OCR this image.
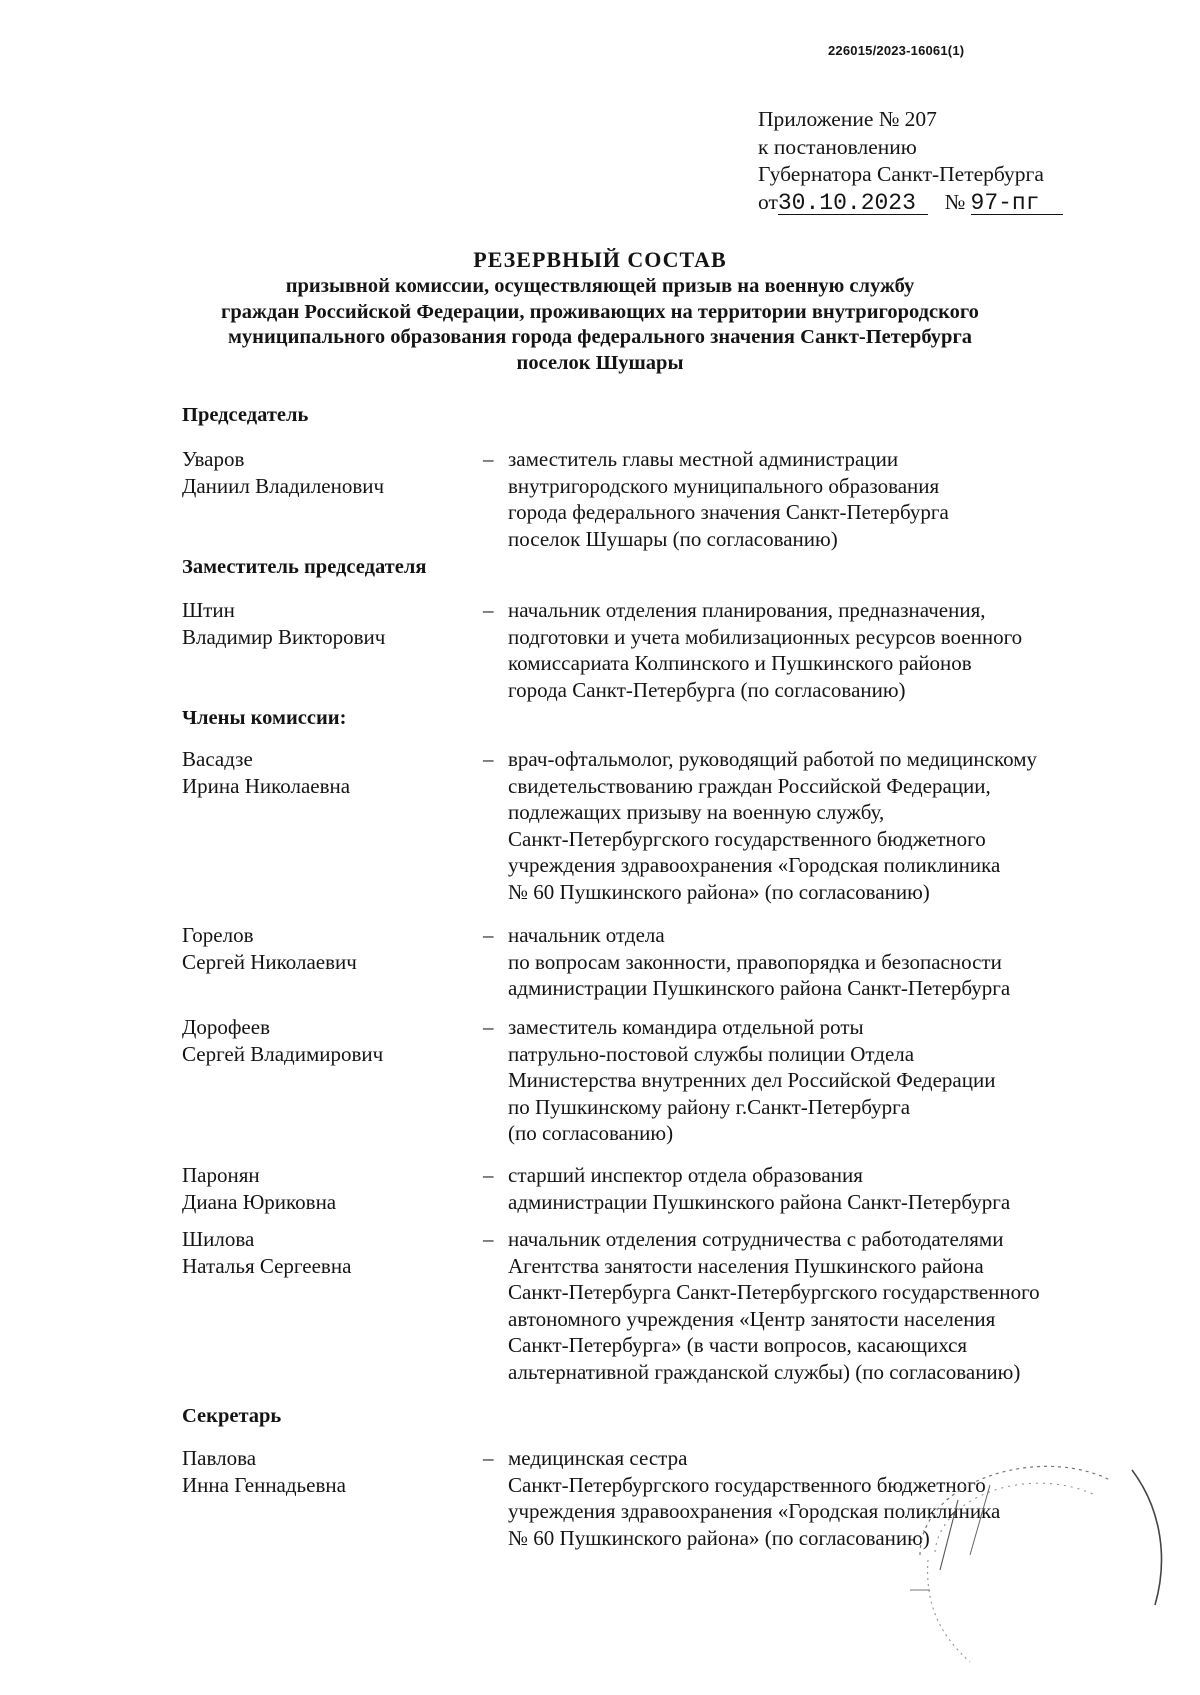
226015/2023-16061(1)
Приложение № 207
к постановлению
Губернатора Санкт-Петербурга
от30.10.2023 № 97-пг
РЕЗЕРВНЫЙ СОСТАВ
призывной комиссии, осуществляющей призыв на военную службу
граждан Российской Федерации, проживающих на территории внутригородского
муниципального образования города федерального значения Санкт-Петербурга
поселок Шушары
Председатель
Уваров
Даниил Владиленович
– заместитель главы местной администрации
внутригородского муниципального образования
города федерального значения Санкт-Петербурга
поселок Шушары (по согласованию)
Заместитель председателя
Штин
Владимир Викторович
– начальник отделения планирования, предназначения,
подготовки и учета мобилизационных ресурсов военного
комиссариата Колпинского и Пушкинского районов
города Санкт-Петербурга (по согласованию)
Члены комиссии:
Васадзе
Ирина Николаевна
– врач-офтальмолог, руководящий работой по медицинскому
свидетельствованию граждан Российской Федерации,
подлежащих призыву на военную службу,
Санкт-Петербургского государственного бюджетного
учреждения здравоохранения «Городская поликлиника
№ 60 Пушкинского района» (по согласованию)
Горелов
Сергей Николаевич
– начальник отдела
по вопросам законности, правопорядка и безопасности
администрации Пушкинского района Санкт-Петербурга
Дорофеев
Сергей Владимирович
– заместитель командира отдельной роты
патрульно-постовой службы полиции Отдела
Министерства внутренних дел Российской Федерации
по Пушкинскому району г.Санкт-Петербурга
(по согласованию)
Паронян
Диана Юриковна
– старший инспектор отдела образования
администрации Пушкинского района Санкт-Петербурга
Шилова
Наталья Сергеевна
– начальник отделения сотрудничества с работодателями
Агентства занятости населения Пушкинского района
Санкт-Петербурга Санкт-Петербургского государственного
автономного учреждения «Центр занятости населения
Санкт-Петербурга» (в части вопросов, касающихся
альтернативной гражданской службы) (по согласованию)
Секретарь
Павлова
Инна Геннадьевна
– медицинская сестра
Санкт-Петербургского государственного бюджетного
учреждения здравоохранения «Городская поликлиника
№ 60 Пушкинского района» (по согласованию)
